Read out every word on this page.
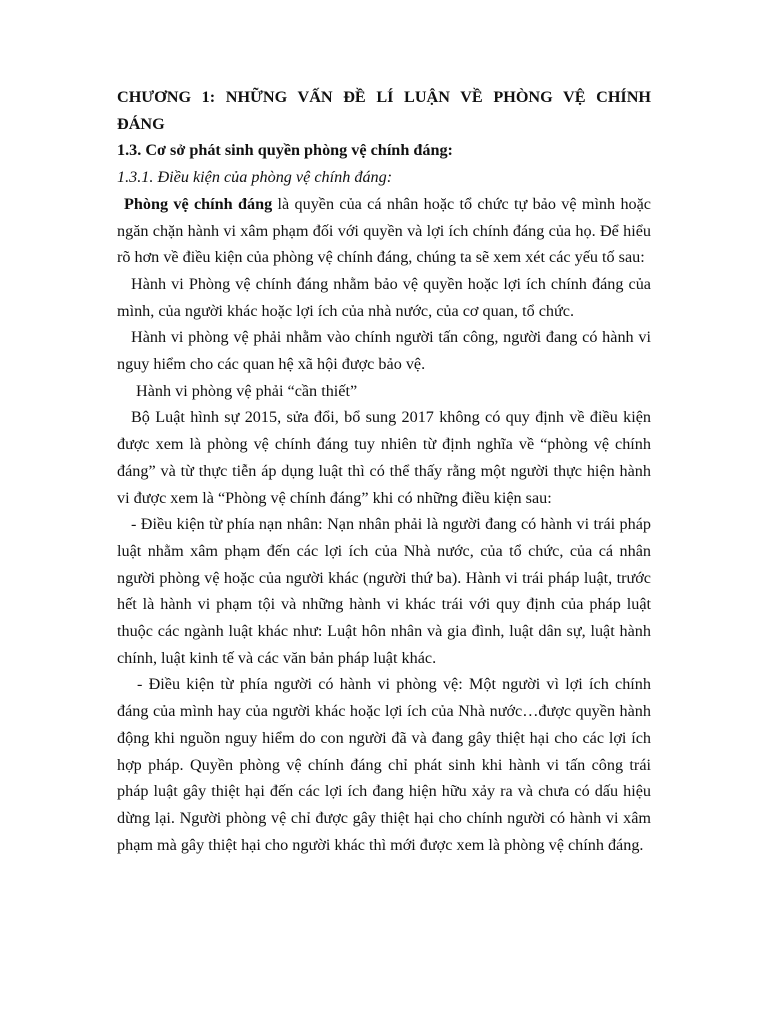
CHƯƠNG 1: NHỮNG VẤN ĐỀ LÍ LUẬN VỀ PHÒNG VỆ CHÍNH
ĐÁNG

1.3. Cơ sở phát sinh quyền phòng vệ chính đáng:

1.3.1. Điều kiện của phòng vệ chính đáng:

Phòng vệ chính đáng là quyền của cá nhân hoặc tổ chức tự bảo vệ mình hoặc ngăn chặn hành vi xâm phạm đối với quyền và lợi ích chính đáng của họ. Để hiểu rõ hơn về điều kiện của phòng vệ chính đáng, chúng ta sẽ xem xét các yếu tố sau:

Hành vi Phòng vệ chính đáng nhằm bảo vệ quyền hoặc lợi ích chính đáng của mình, của người khác hoặc lợi ích của nhà nước, của cơ quan, tổ chức.

Hành vi phòng vệ phải nhằm vào chính người tấn công, người đang có hành vi nguy hiểm cho các quan hệ xã hội được bảo vệ.

Hành vi phòng vệ phải “cần thiết”

Bộ Luật hình sự 2015, sửa đổi, bổ sung 2017 không có quy định về điều kiện được xem là phòng vệ chính đáng tuy nhiên từ định nghĩa về “phòng vệ chính đáng” và từ thực tiễn áp dụng luật thì có thể thấy rằng một người thực hiện hành vi được xem là “Phòng vệ chính đáng” khi có những điều kiện sau:

- Điều kiện từ phía nạn nhân: Nạn nhân phải là người đang có hành vi trái pháp luật nhằm xâm phạm đến các lợi ích của Nhà nước, của tổ chức, của cá nhân người phòng vệ hoặc của người khác (người thứ ba). Hành vi trái pháp luật, trước hết là hành vi phạm tội và những hành vi khác trái với quy định của pháp luật thuộc các ngành luật khác như: Luật hôn nhân và gia đình, luật dân sự, luật hành chính, luật kinh tế và các văn bản pháp luật khác.

- Điều kiện từ phía người có hành vi phòng vệ: Một người vì lợi ích chính đáng của mình hay của người khác hoặc lợi ích của Nhà nước…được quyền hành động khi nguồn nguy hiểm do con người đã và đang gây thiệt hại cho các lợi ích hợp pháp. Quyền phòng vệ chính đáng chỉ phát sinh khi hành vi tấn công trái pháp luật gây thiệt hại đến các lợi ích đang hiện hữu xảy ra và chưa có dấu hiệu dừng lại. Người phòng vệ chỉ được gây thiệt hại cho chính người có hành vi xâm phạm mà gây thiệt hại cho người khác thì mới được xem là phòng vệ chính đáng.
